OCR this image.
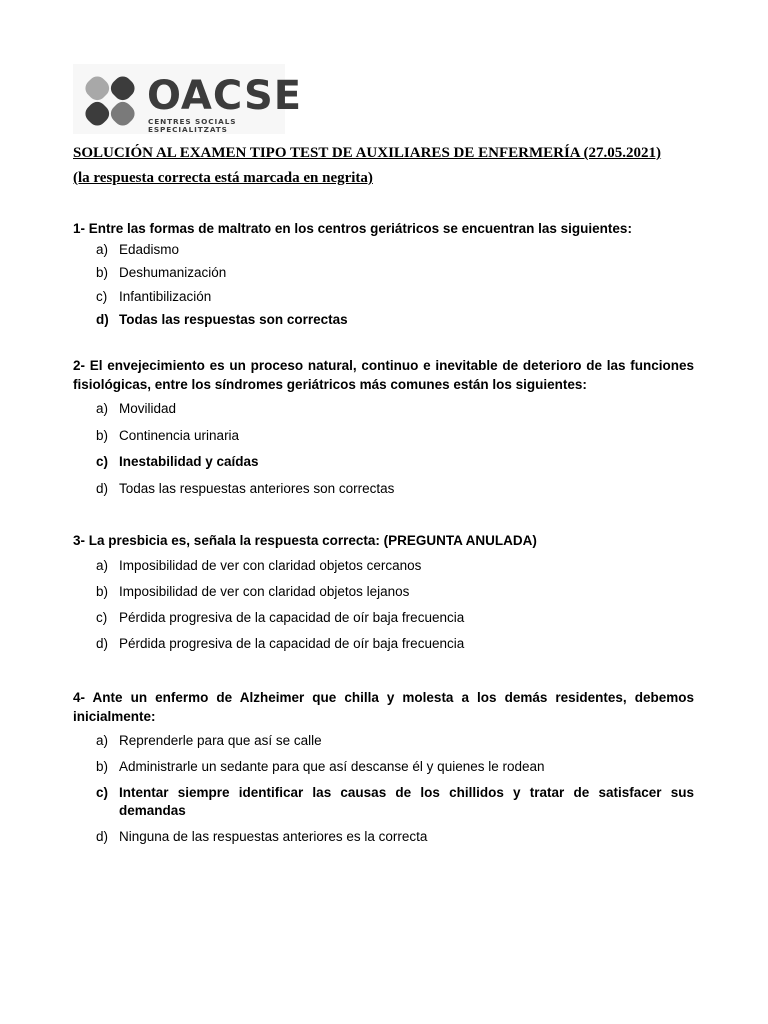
OACSE
CENTRES SOCIALS ESPECIALITZATS
SOLUCIÓN AL EXAMEN TIPO TEST DE AUXILIARES DE ENFERMERÍA (27.05.2021)
(la respuesta correcta está marcada en negrita)
1- Entre las formas de maltrato en los centros geriátricos se encuentran las siguientes:
a) Edadismo
b) Deshumanización
c) Infantibilización
d) Todas las respuestas son correctas
2- El envejecimiento es un proceso natural, continuo e inevitable de deterioro de las funciones fisiológicas, entre los síndromes geriátricos más comunes están los siguientes:
a) Movilidad
b) Continencia urinaria
c) Inestabilidad y caídas
d) Todas las respuestas anteriores son correctas
3- La presbicia es, señala la respuesta correcta: (PREGUNTA ANULADA)
a) Imposibilidad de ver con claridad objetos cercanos
b) Imposibilidad de ver con claridad objetos lejanos
c) Pérdida progresiva de la capacidad de oír baja frecuencia
d) Pérdida progresiva de la capacidad de oír baja frecuencia
4- Ante un enfermo de Alzheimer que chilla y molesta a los demás residentes, debemos inicialmente:
a) Reprenderle para que así se calle
b) Administrarle un sedante para que así descanse él y quienes le rodean
c) Intentar siempre identificar las causas de los chillidos y tratar de satisfacer sus demandas
d) Ninguna de las respuestas anteriores es la correcta
